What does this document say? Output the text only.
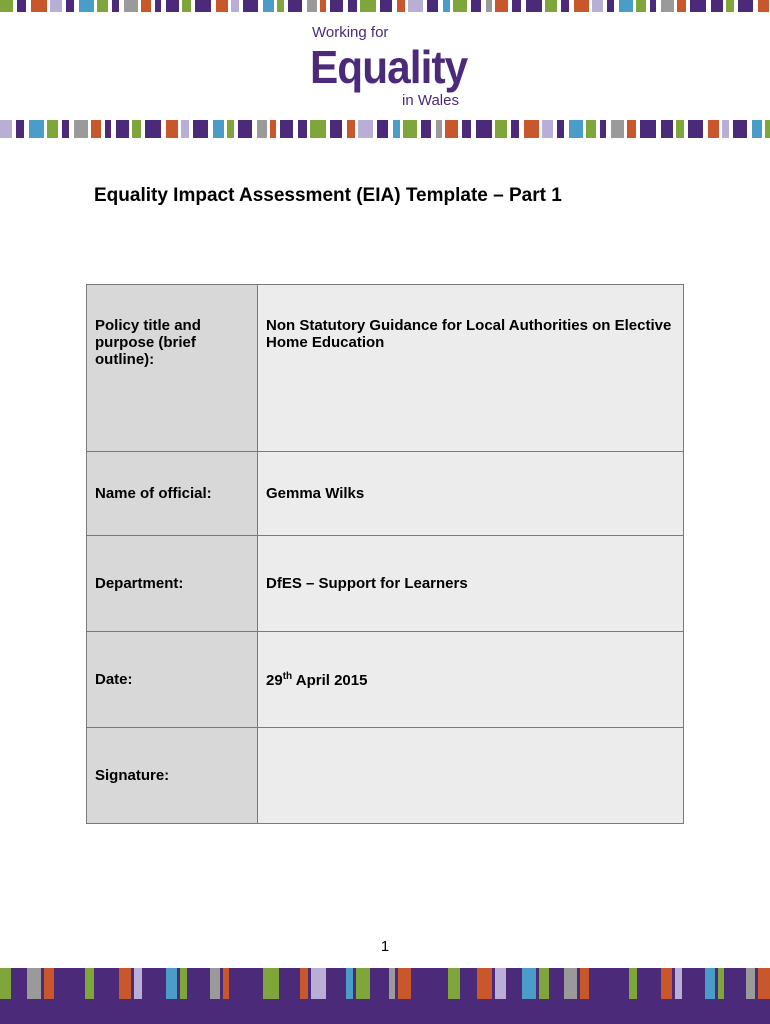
Working for
Equality
in Wales
Equality Impact Assessment (EIA) Template – Part 1
Policy title and purpose (brief outline):	Non Statutory Guidance for Local Authorities on Elective Home Education
Name of official:	Gemma Wilks
Department:	DfES – Support for Learners
Date:	29th April 2015
Signature:	
1
